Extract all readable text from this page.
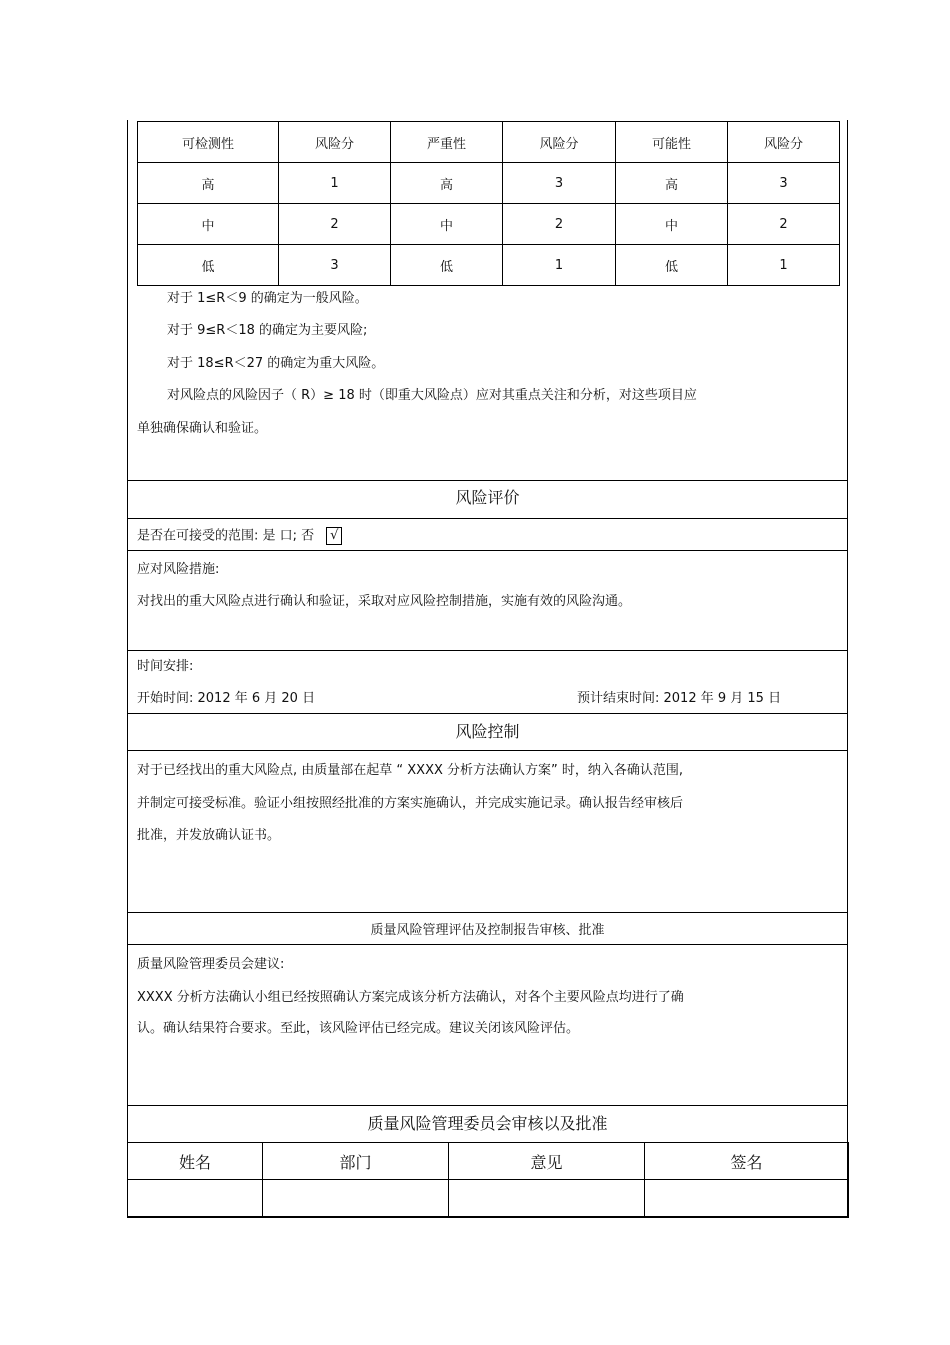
可检测性	风险分	严重性	风险分	可能性	风险分
高	1	高	3	高	3
中	2	中	2	中	2
低	3	低	1	低	1
对于 1≤R＜9 的确定为一般风险。
对于 9≤R＜18 的确定为主要风险;
对于 18≤R＜27 的确定为重大风险。
对风险点的风险因子（ R）≥ 18 时（即重大风险点）应对其重点关注和分析，对这些项目应
单独确保确认和验证。
风险评价
是否在可接受的范围: 是 口; 否 √
应对风险措施:
对找出的重大风险点进行确认和验证，采取对应风险控制措施，实施有效的风险沟通。
时间安排:
开始时间: 2012 年 6 月 20 日	预计结束时间: 2012 年 9 月 15 日
风险控制
对于已经找出的重大风险点, 由质量部在起草 “ XXXX 分析方法确认方案” 时，纳入各确认范围,
并制定可接受标准。验证小组按照经批准的方案实施确认，并完成实施记录。确认报告经审核后
批准，并发放确认证书。
质量风险管理评估及控制报告审核、批准
质量风险管理委员会建议:
XXXX 分析方法确认小组已经按照确认方案完成该分析方法确认，对各个主要风险点均进行了确
认。确认结果符合要求。至此，该风险评估已经完成。建议关闭该风险评估。
质量风险管理委员会审核以及批准
姓名	部门	意见	签名
